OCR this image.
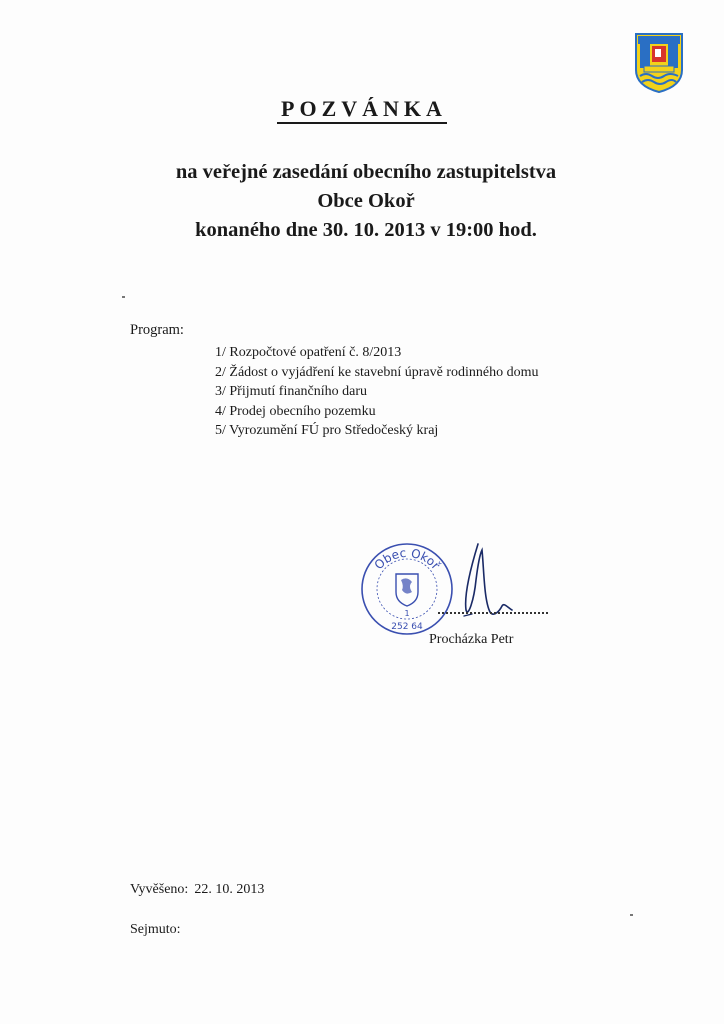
POZVÁNKA
na veřejné zasedání obecního zastupitelstva
Obce Okoř
konaného dne 30. 10. 2013 v 19:00 hod.
Program:
1/ Rozpočtové opatření č. 8/2013
2/ Žádost o vyjádření ke stavební úpravě rodinného domu
3/ Přijmutí finančního daru
4/ Prodej obecního pozemku
5/ Vyrozumění FÚ pro Středočeský kraj
Obec Okoř
1
252 64
Procházka Petr
Vyvěšeno: 22. 10. 2013
Sejmuto:
